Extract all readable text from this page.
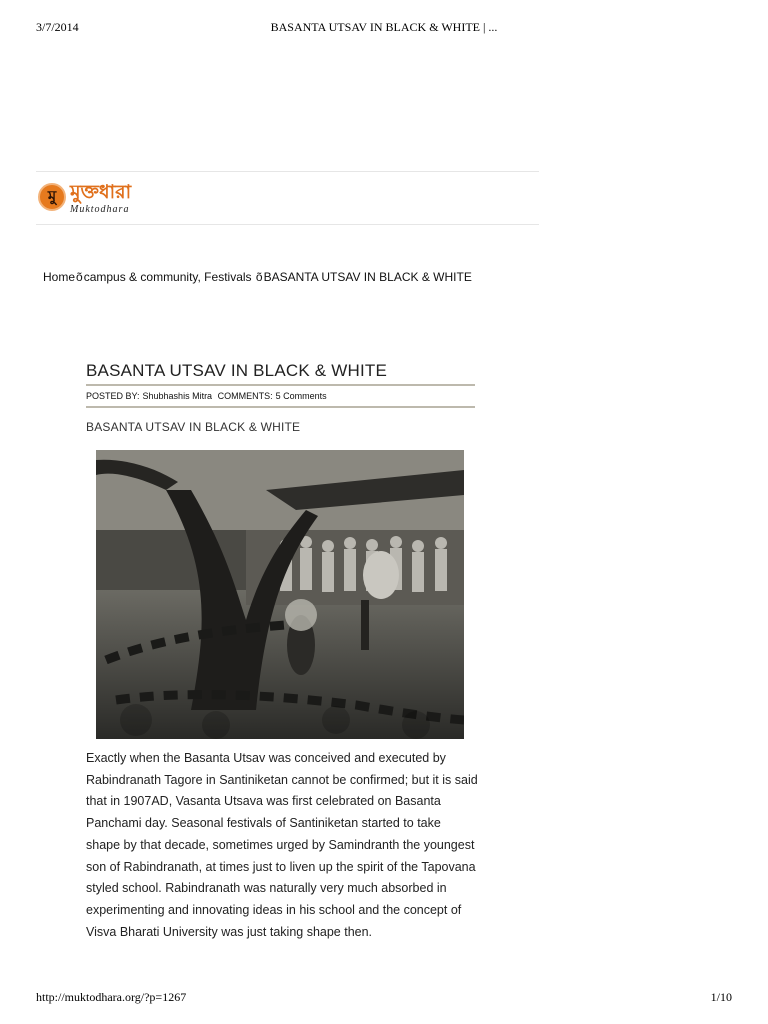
3/7/2014	BASANTA UTSAV IN BLACK & WHITE | ...
মু মুক্তধারা
Muktodhara
Homeõcampus & community, Festivals õBASANTA UTSAV IN BLACK & WHITE
BASANTA UTSAV IN BLACK & WHITE
POSTED BY: Shubhashis Mitra COMMENTS: 5 Comments
BASANTA UTSAV IN BLACK & WHITE

Exactly when the Basanta Utsav was conceived and executed by Rabindranath Tagore in Santiniketan cannot be confirmed; but it is said that in 1907AD, Vasanta Utsava was first celebrated on Basanta Panchami day. Seasonal festivals of Santiniketan started to take shape by that decade, sometimes urged by Samindranth the youngest son of Rabindranath, at times just to liven up the spirit of the Tapovana styled school. Rabindranath was naturally very much absorbed in experimenting and innovating ideas in his school and the concept of Visva Bharati University was just taking shape then.

http://muktodhara.org/?p=1267	1/10
